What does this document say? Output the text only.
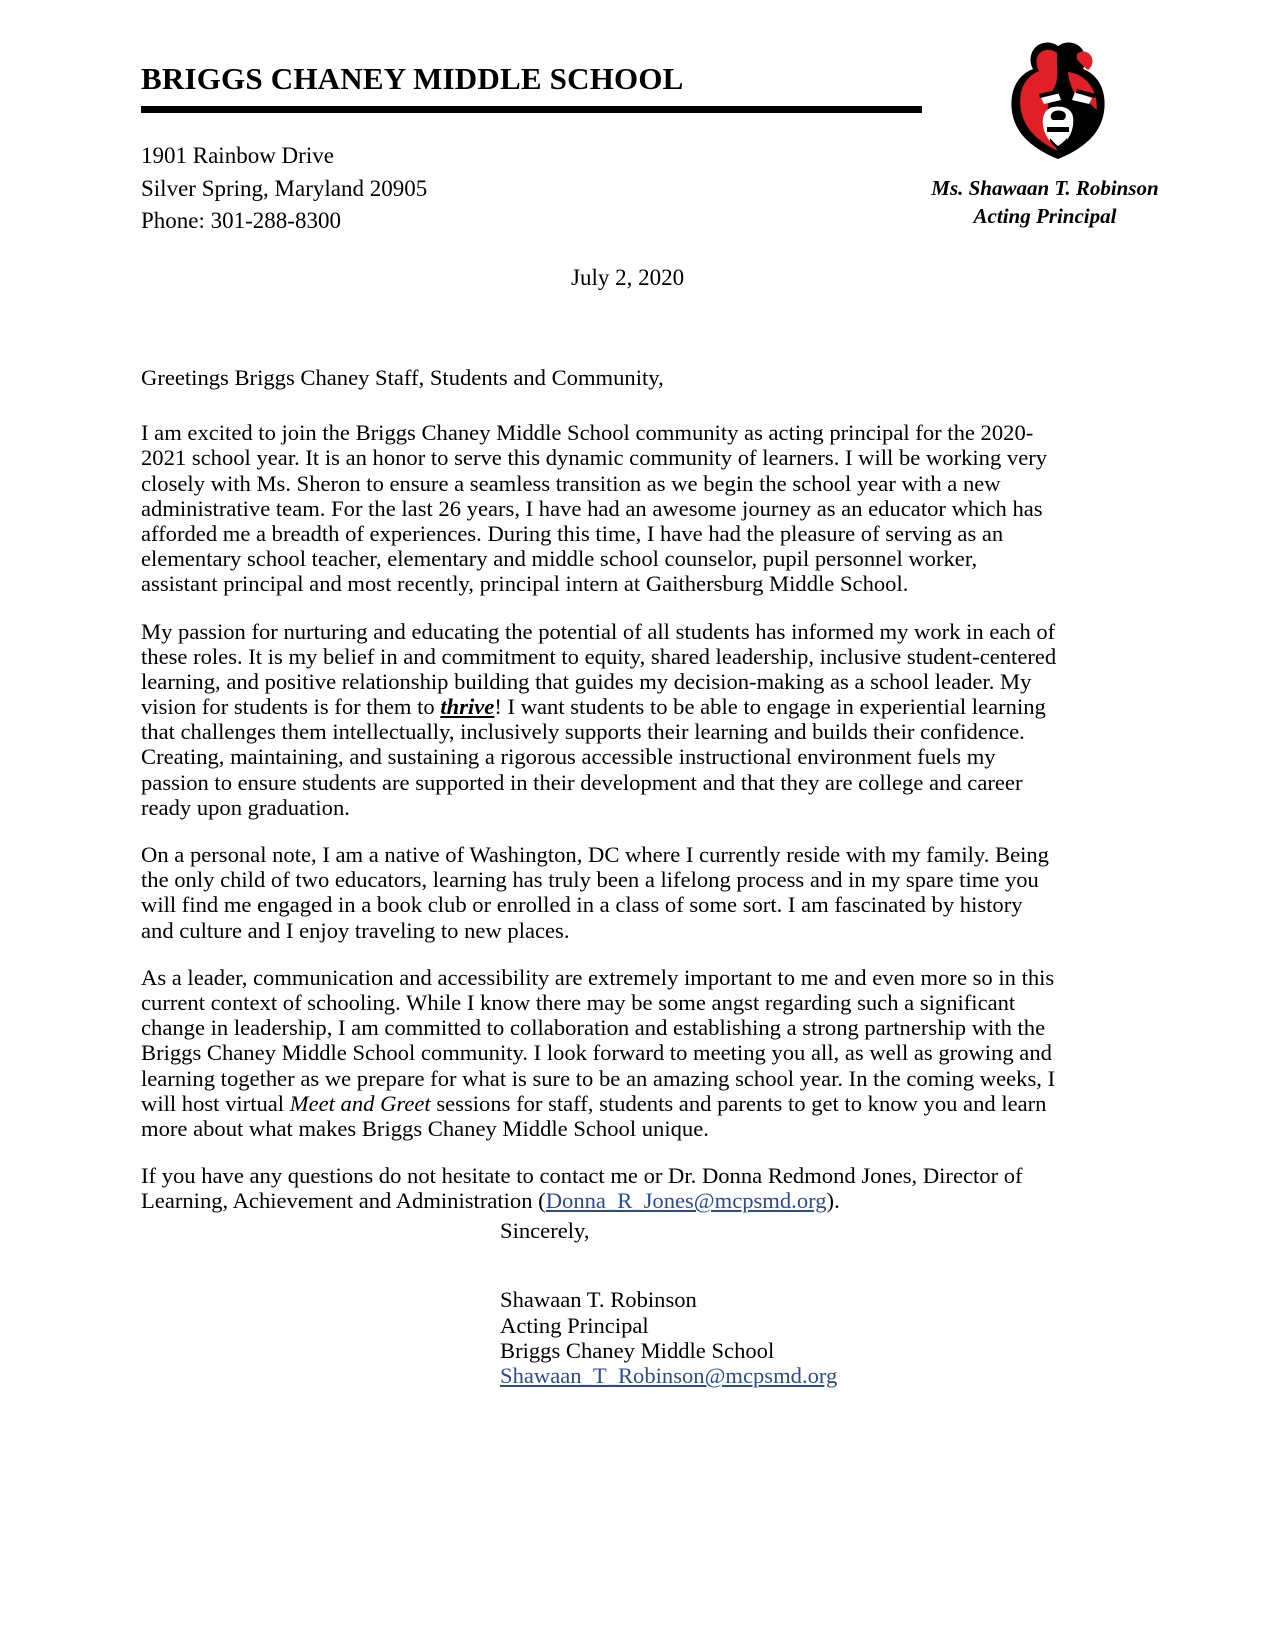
BRIGGS CHANEY MIDDLE SCHOOL
1901 Rainbow Drive
Silver Spring, Maryland 20905
Phone: 301-288-8300
Ms. Shawaan T. Robinson
Acting Principal
July 2, 2020

Greetings Briggs Chaney Staff, Students and Community,

I am excited to join the Briggs Chaney Middle School community as acting principal for the 2020-2021 school year. It is an honor to serve this dynamic community of learners. I will be working very closely with Ms. Sheron to ensure a seamless transition as we begin the school year with a new administrative team. For the last 26 years, I have had an awesome journey as an educator which has afforded me a breadth of experiences. During this time, I have had the pleasure of serving as an elementary school teacher, elementary and middle school counselor, pupil personnel worker, assistant principal and most recently, principal intern at Gaithersburg Middle School.

My passion for nurturing and educating the potential of all students has informed my work in each of these roles. It is my belief in and commitment to equity, shared leadership, inclusive student-centered learning, and positive relationship building that guides my decision-making as a school leader. My vision for students is for them to thrive! I want students to be able to engage in experiential learning that challenges them intellectually, inclusively supports their learning and builds their confidence. Creating, maintaining, and sustaining a rigorous accessible instructional environment fuels my passion to ensure students are supported in their development and that they are college and career ready upon graduation.

On a personal note, I am a native of Washington, DC where I currently reside with my family. Being the only child of two educators, learning has truly been a lifelong process and in my spare time you will find me engaged in a book club or enrolled in a class of some sort. I am fascinated by history and culture and I enjoy traveling to new places.

As a leader, communication and accessibility are extremely important to me and even more so in this current context of schooling. While I know there may be some angst regarding such a significant change in leadership, I am committed to collaboration and establishing a strong partnership with the Briggs Chaney Middle School community. I look forward to meeting you all, as well as growing and learning together as we prepare for what is sure to be an amazing school year. In the coming weeks, I will host virtual Meet and Greet sessions for staff, students and parents to get to know you and learn more about what makes Briggs Chaney Middle School unique.

If you have any questions do not hesitate to contact me or Dr. Donna Redmond Jones, Director of Learning, Achievement and Administration (Donna_R_Jones@mcpsmd.org).

Sincerely,
Shawaan T. Robinson
Acting Principal
Briggs Chaney Middle School
Shawaan_T_Robinson@mcpsmd.org
